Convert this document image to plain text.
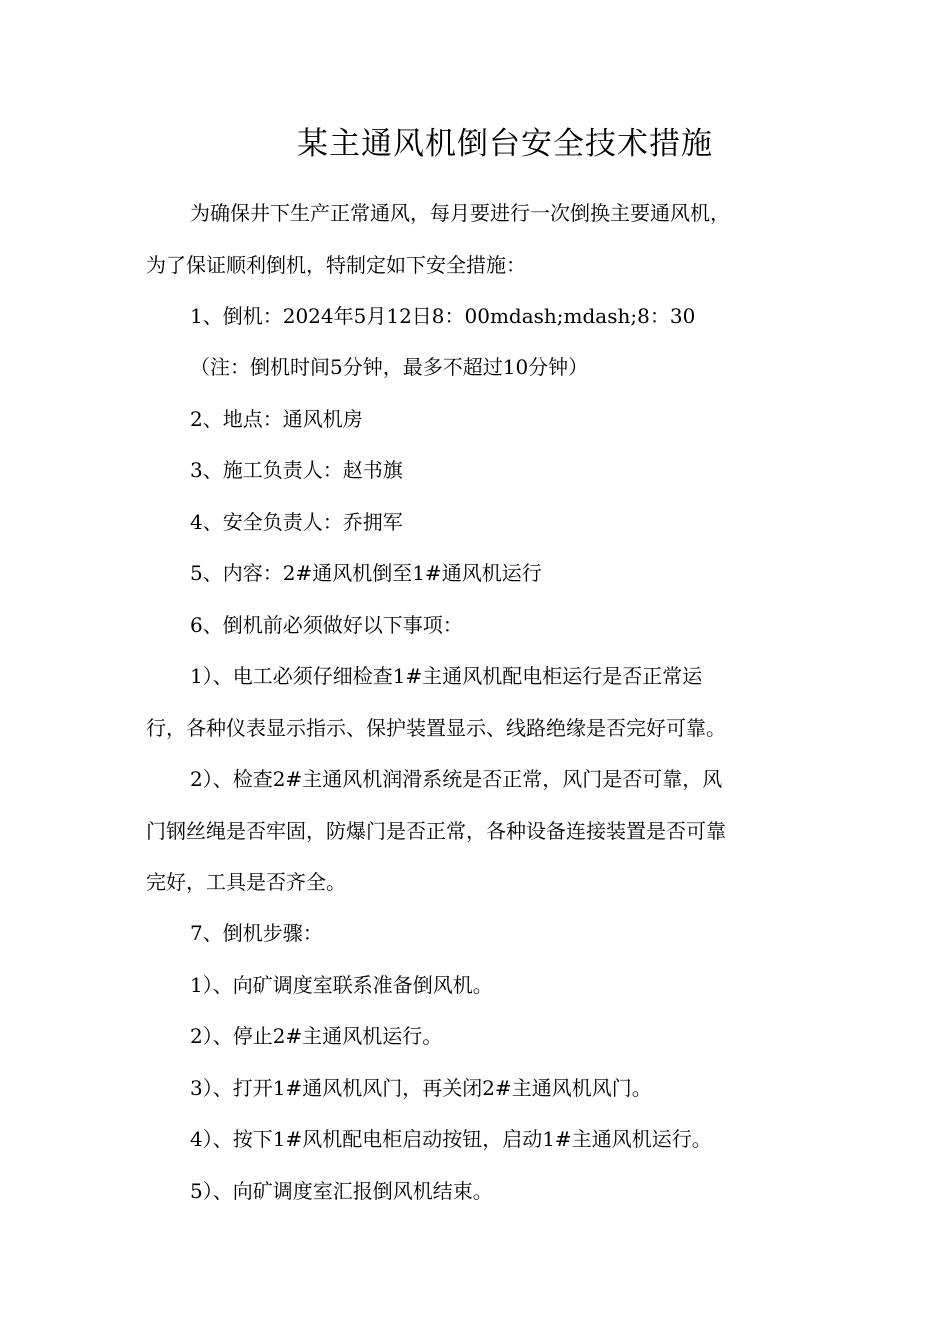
某主通风机倒台安全技术措施
为确保井下生产正常通风，每月要进行一次倒换主要通风机，
为了保证顺利倒机，特制定如下安全措施：
1、倒机：2024年5月12日8：00mdash;mdash;8：30
（注：倒机时间5分钟，最多不超过10分钟）
2、地点：通风机房
3、施工负责人：赵书旗
4、安全负责人：乔拥军
5、内容：2#通风机倒至1#通风机运行
6、倒机前必须做好以下事项：
1）、电工必须仔细检查1#主通风机配电柜运行是否正常运
行，各种仪表显示指示、保护装置显示、线路绝缘是否完好可靠。
2）、检查2#主通风机润滑系统是否正常，风门是否可靠，风
门钢丝绳是否牢固，防爆门是否正常，各种设备连接装置是否可靠
完好，工具是否齐全。
7、倒机步骤：
1）、向矿调度室联系准备倒风机。
2）、停止2#主通风机运行。
3）、打开1#通风机风门，再关闭2#主通风机风门。
4）、按下1#风机配电柜启动按钮，启动1#主通风机运行。
5）、向矿调度室汇报倒风机结束。
